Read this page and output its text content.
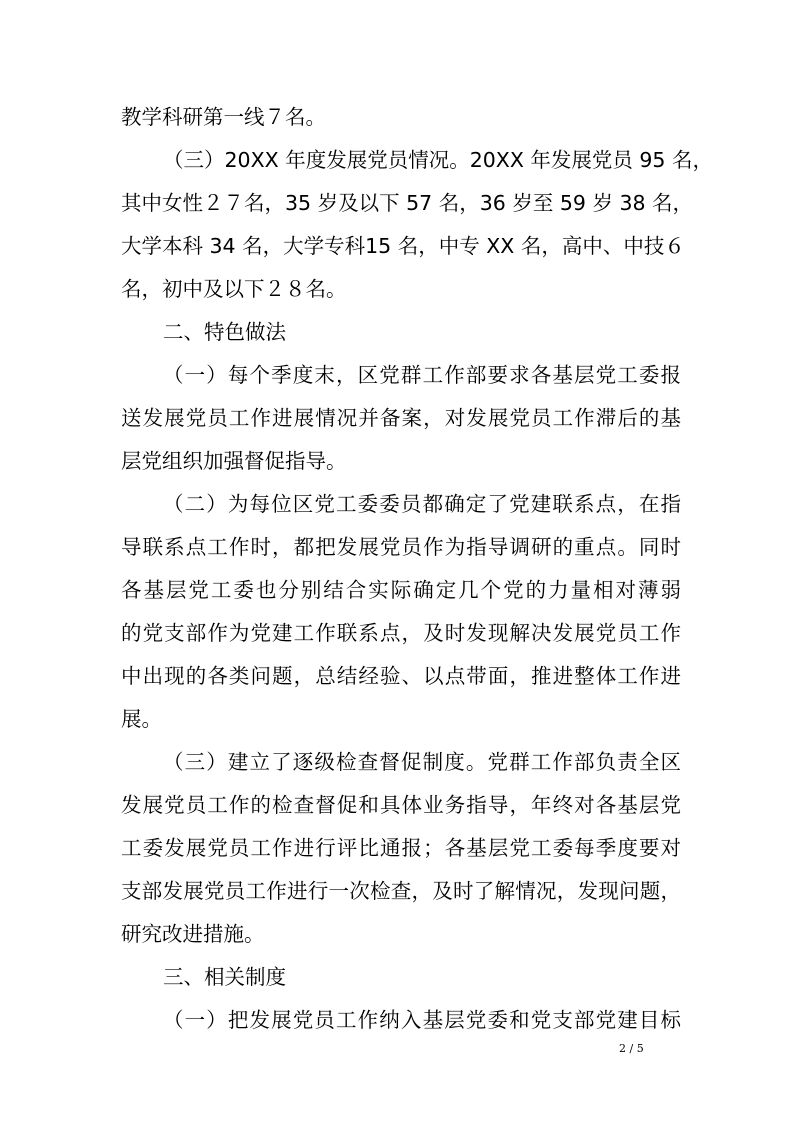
教学科研第一线７名。
（三）20XX 年度发展党员情况。20XX 年发展党员 95 名，
其中女性２７名，35 岁及以下 57 名，36 岁至 59 岁 38 名，
大学本科 34 名，大学专科15 名，中专 XX 名，高中、中技６
名，初中及以下２８名。
二、特色做法
（一）每个季度末，区党群工作部要求各基层党工委报
送发展党员工作进展情况并备案，对发展党员工作滞后的基
层党组织加强督促指导。
（二）为每位区党工委委员都确定了党建联系点，在指
导联系点工作时，都把发展党员作为指导调研的重点。同时
各基层党工委也分别结合实际确定几个党的力量相对薄弱
的党支部作为党建工作联系点，及时发现解决发展党员工作
中出现的各类问题，总结经验、以点带面，推进整体工作进
展。
（三）建立了逐级检查督促制度。党群工作部负责全区
发展党员工作的检查督促和具体业务指导，年终对各基层党
工委发展党员工作进行评比通报；各基层党工委每季度要对
支部发展党员工作进行一次检查，及时了解情况，发现问题，
研究改进措施。
三、相关制度
（一）把发展党员工作纳入基层党委和党支部党建目标
2 / 5
